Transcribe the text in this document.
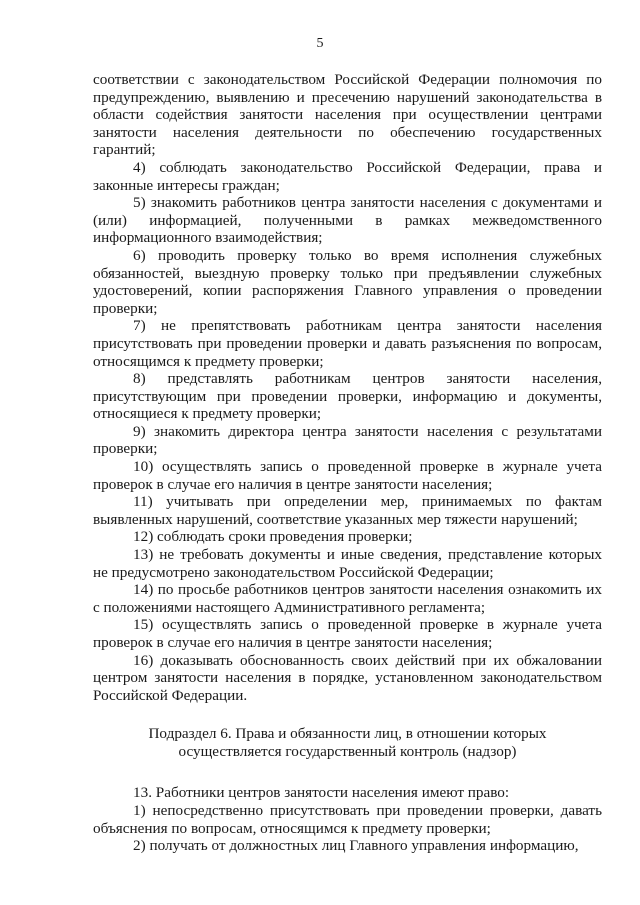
5

соответствии с законодательством Российской Федерации полномочия по предупреждению, выявлению и пресечению нарушений законодательства в области содействия занятости населения при осуществлении центрами занятости населения деятельности по обеспечению государственных гарантий;

4) соблюдать законодательство Российской Федерации, права и законные интересы граждан;

5) знакомить работников центра занятости населения с документами и (или) информацией, полученными в рамках межведомственного информационного взаимодействия;

6) проводить проверку только во время исполнения служебных обязанностей, выездную проверку только при предъявлении служебных удостоверений, копии распоряжения Главного управления о проведении проверки;

7) не препятствовать работникам центра занятости населения присутствовать при проведении проверки и давать разъяснения по вопросам, относящимся к предмету проверки;

8) представлять работникам центров занятости населения, присутствующим при проведении проверки, информацию и документы, относящиеся к предмету проверки;

9) знакомить директора центра занятости населения с результатами проверки;

10) осуществлять запись о проведенной проверке в журнале учета проверок в случае его наличия в центре занятости населения;

11) учитывать при определении мер, принимаемых по фактам выявленных нарушений, соответствие указанных мер тяжести нарушений;

12) соблюдать сроки проведения проверки;

13) не требовать документы и иные сведения, представление которых не предусмотрено законодательством Российской Федерации;

14) по просьбе работников центров занятости населения ознакомить их с положениями настоящего Административного регламента;

15) осуществлять запись о проведенной проверке в журнале учета проверок в случае его наличия в центре занятости населения;

16) доказывать обоснованность своих действий при их обжаловании центром занятости населения в порядке, установленном законодательством Российской Федерации.

Подраздел 6. Права и обязанности лиц, в отношении которых
осуществляется государственный контроль (надзор)

13. Работники центров занятости населения имеют право:

1) непосредственно присутствовать при проведении проверки, давать объяснения по вопросам, относящимся к предмету проверки;

2) получать от должностных лиц Главного управления информацию,
